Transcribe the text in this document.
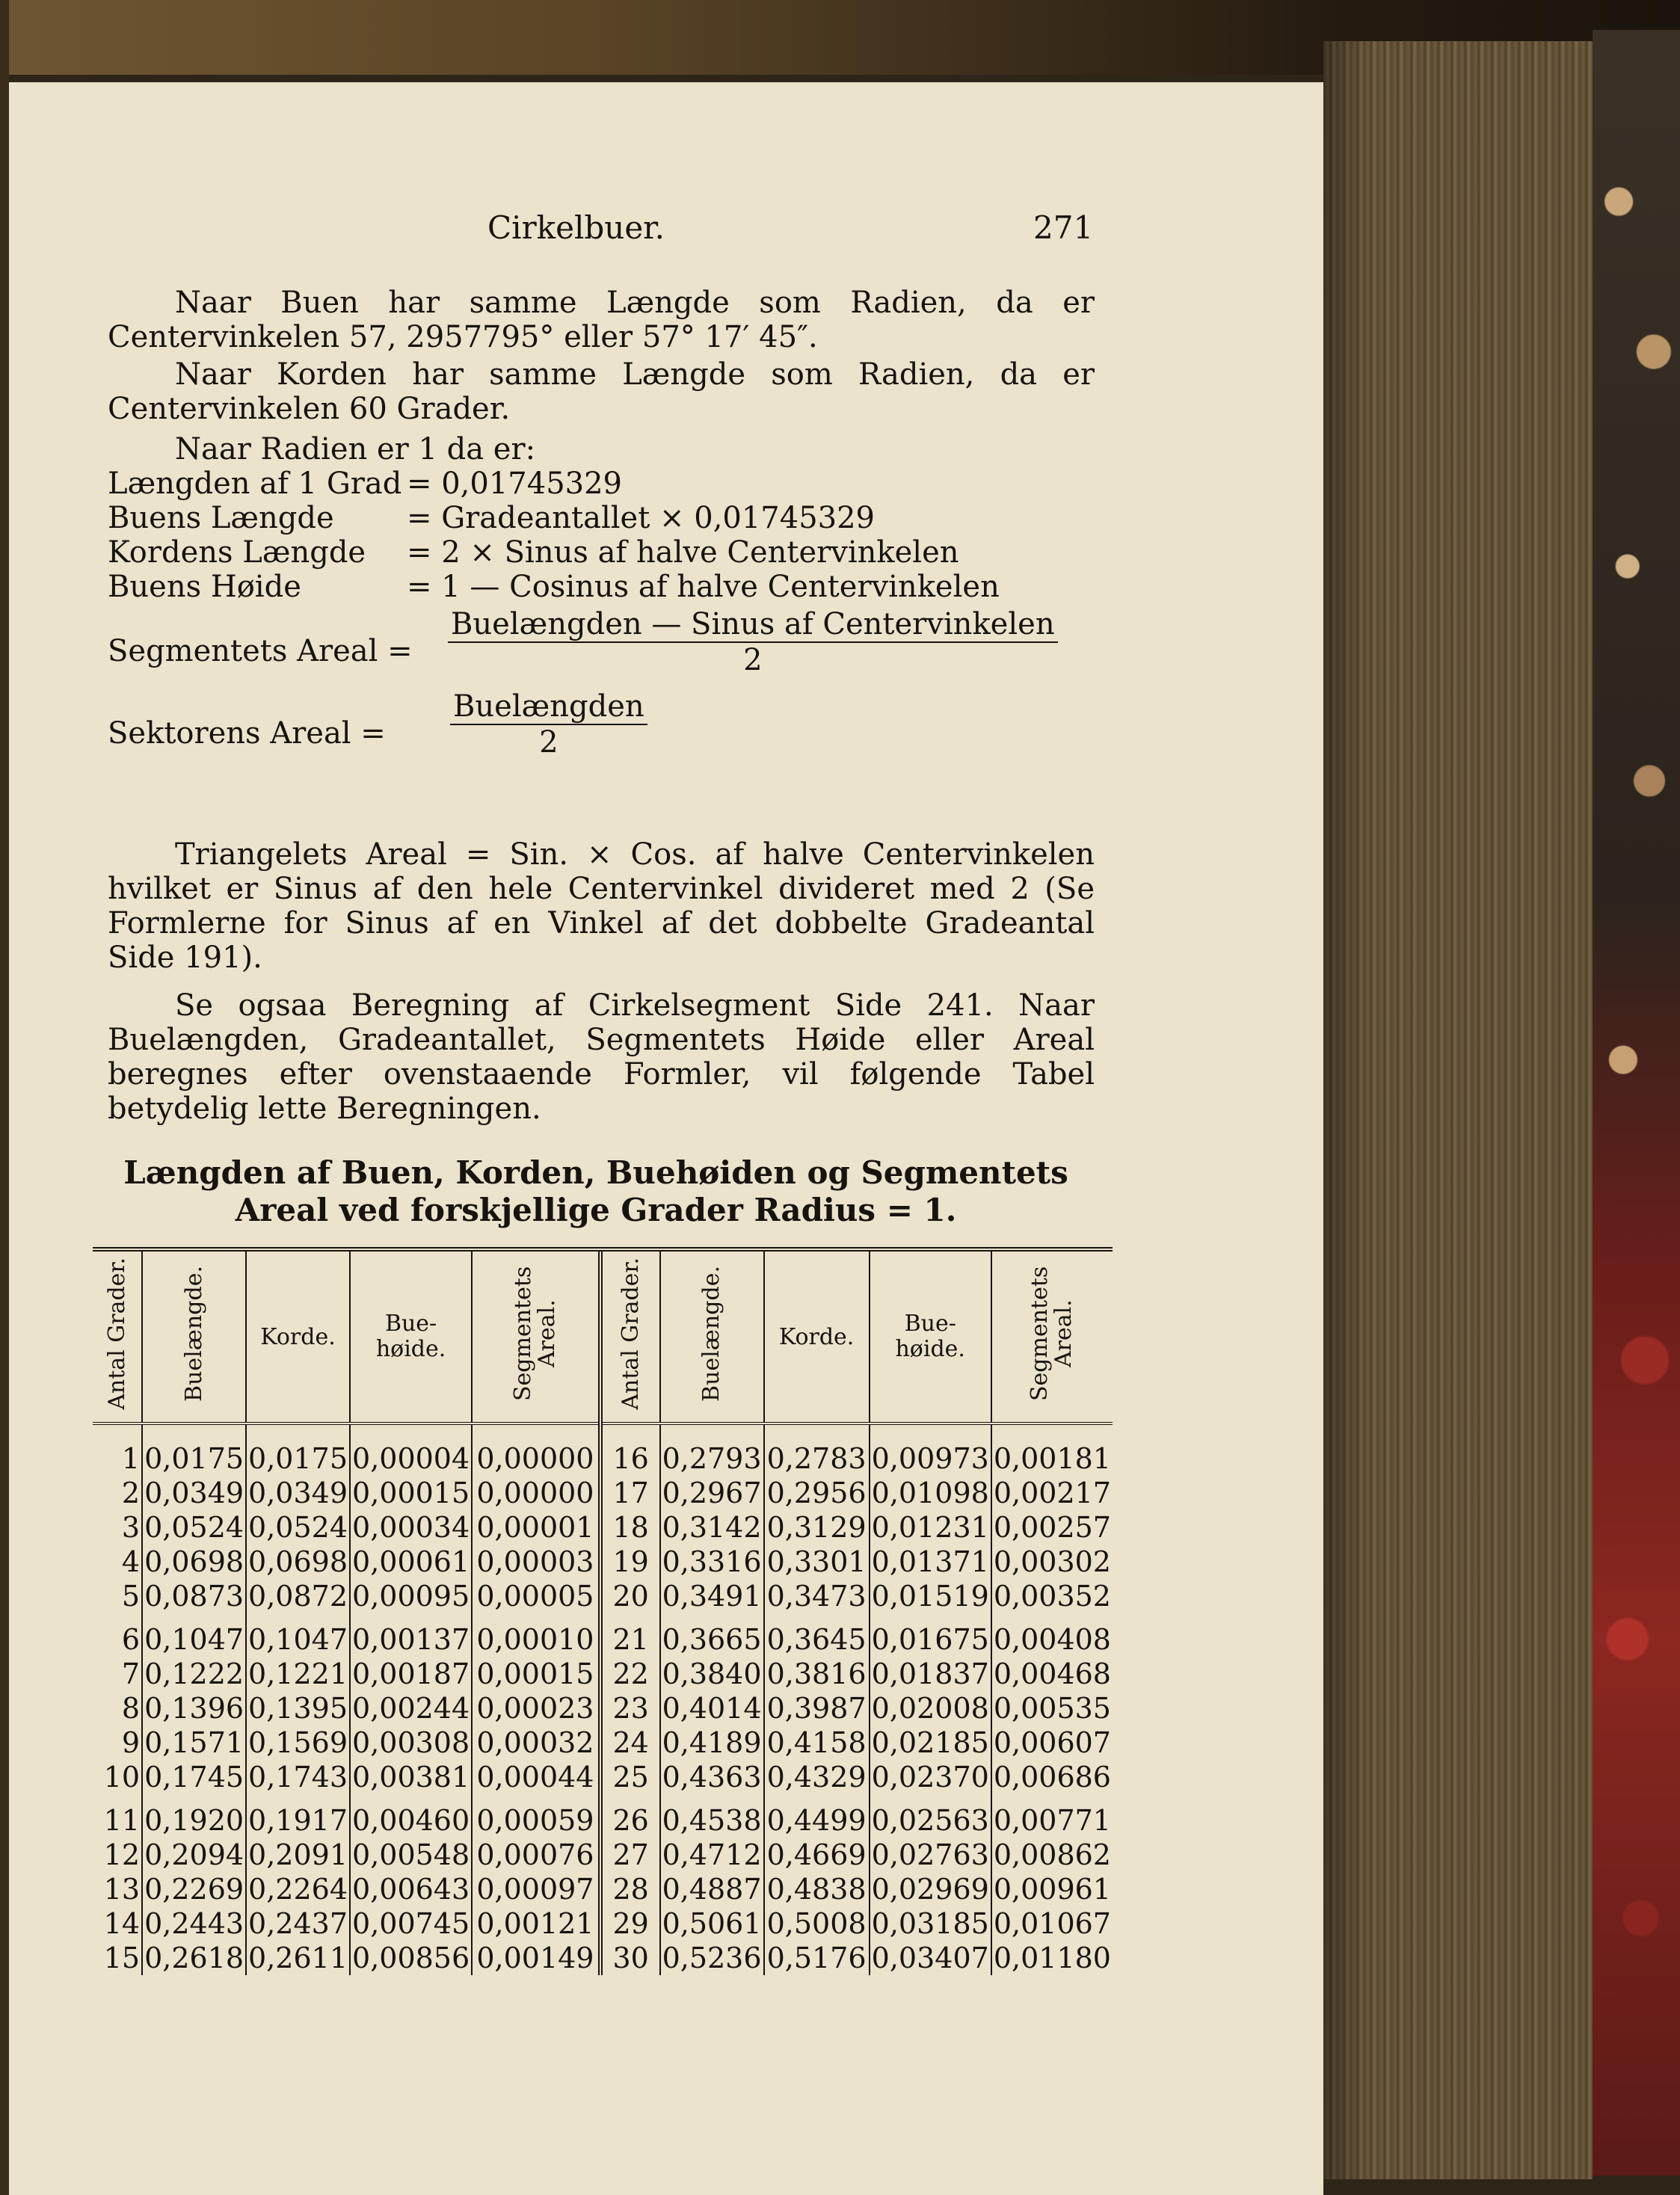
Cirkelbuer.	271
Naar Buen har samme Længde som Radien, da er Centervinkelen 57, 2957795° eller 57° 17′ 45″.
Naar Korden har samme Længde som Radien, da er Centervinkelen 60 Grader.
Naar Radien er 1 da er:
Længden af 1 Grad = 0,01745329
Buens Længde = Gradeantallet × 0,01745329
Kordens Længde = 2 × Sinus af halve Centervinkelen
Buens Høide	= 1 — Cosinus af halve Centervinkelen
Segmentets Areal =
Buelængden — Sinus af Centervinkelen
2
Sektorens Areal =
Buelængden
2
Triangelets Areal = Sin. × Cos. af halve Centervinkelen hvilket er Sinus af den hele Centervinkel divideret med 2 (Se Formlerne for Sinus af en Vinkel af det dobbelte Gradeantal Side 191).
Se ogsaa Beregning af Cirkelsegment Side 241. Naar Buelængden, Gradeantallet, Segmentets Høide eller Areal beregnes efter ovenstaaende Formler, vil følgende Tabel betydelig lette Beregningen.
Længden af Buen, Korden, Buehøiden og Segmentets
Areal ved forskjellige Grader Radius = 1.
Antal Grader.	Buelængde.	Korde.	Bue-høide.	Segmentets Areal.	Antal Grader.	Buelængde.	Korde.	Bue-høide.	Segmentets Areal.
1	0,0175	0,0175	0,00004	0,00000	16	0,2793	0,2783	0,00973	0,00181
2	0,0349	0,0349	0,00015	0,00000	17	0,2967	0,2956	0,01098	0,00217
3	0,0524	0,0524	0,00034	0,00001	18	0,3142	0,3129	0,01231	0,00257
4	0,0698	0,0698	0,00061	0,00003	19	0,3316	0,3301	0,01371	0,00302
5	0,0873	0,0872	0,00095	0,00005	20	0,3491	0,3473	0,01519	0,00352
6	0,1047	0,1047	0,00137	0,00010	21	0,3665	0,3645	0,01675	0,00408
7	0,1222	0,1221	0,00187	0,00015	22	0,3840	0,3816	0,01837	0,00468
8	0,1396	0,1395	0,00244	0,00023	23	0,4014	0,3987	0,02008	0,00535
9	0,1571	0,1569	0,00308	0,00032	24	0,4189	0,4158	0,02185	0,00607
10	0,1745	0,1743	0,00381	0,00044	25	0,4363	0,4329	0,02370	0,00686
11	0,1920	0,1917	0,00460	0,00059	26	0,4538	0,4499	0,02563	0,00771
12	0,2094	0,2091	0,00548	0,00076	27	0,4712	0,4669	0,02763	0,00862
13	0,2269	0,2264	0,00643	0,00097	28	0,4887	0,4838	0,02969	0,00961
14	0,2443	0,2437	0,00745	0,00121	29	0,5061	0,5008	0,03185	0,01067
15	0,2618	0,2611	0,00856	0,00149	30	0,5236	0,5176	0,03407	0,01180
